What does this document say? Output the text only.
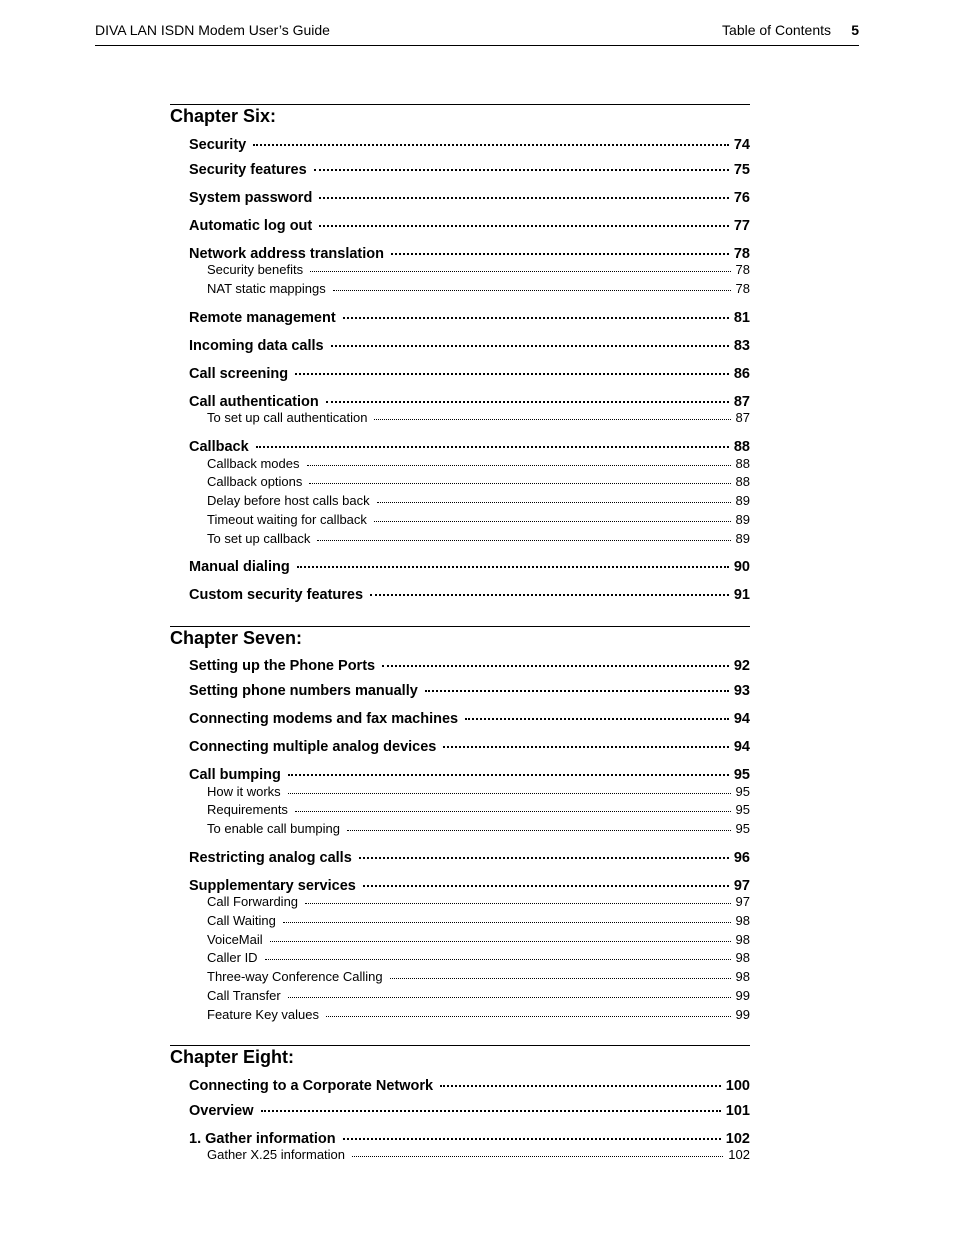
DIVA LAN ISDN Modem User’s Guide	Table of Contents 5
Chapter Six:
Security	74
Security features	75
System password	76
Automatic log out	77
Network address translation	78
Security benefits	78
NAT static mappings	78
Remote management	81
Incoming data calls	83
Call screening	86
Call authentication	87
To set up call authentication	87
Callback	88
Callback modes	88
Callback options	88
Delay before host calls back	89
Timeout waiting for callback	89
To set up callback	89
Manual dialing	90
Custom security features	91
Chapter Seven:
Setting up the Phone Ports	92
Setting phone numbers manually	93
Connecting modems and fax machines	94
Connecting multiple analog devices	94
Call bumping	95
How it works	95
Requirements	95
To enable call bumping	95
Restricting analog calls	96
Supplementary services	97
Call Forwarding	97
Call Waiting	98
VoiceMail	98
Caller ID	98
Three-way Conference Calling	98
Call Transfer	99
Feature Key values	99
Chapter Eight:
Connecting to a Corporate Network	100
Overview	101
1. Gather information	102
Gather X.25 information	102
